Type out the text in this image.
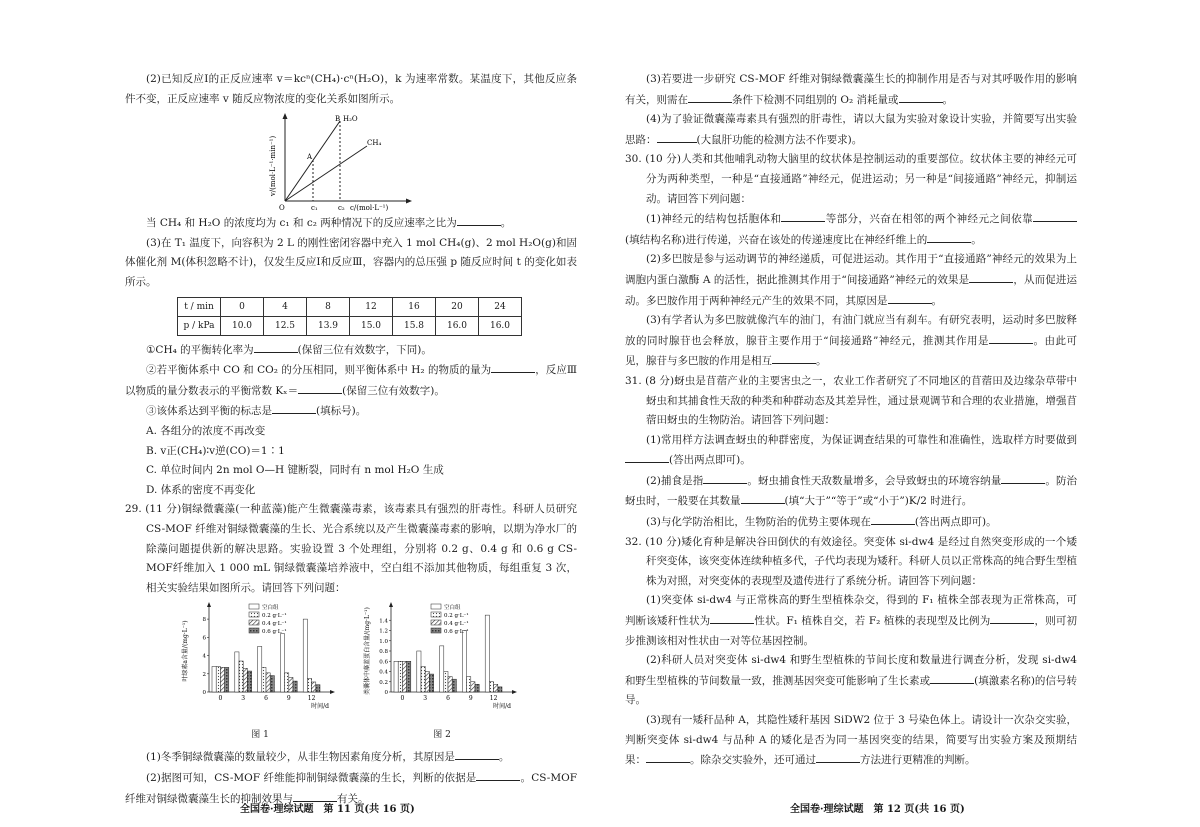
(2)已知反应Ⅰ的正反应速率 v＝kcⁿ(CH₄)·cⁿ(H₂O)，k 为速率常数。某温度下，其他反应条件不变，正反应速率 v 随反应物浓度的变化关系如图所示。

v/(mol·L⁻¹·min⁻¹)
O	c₁	c₂ c/(mol·L⁻¹)
A
B H₂O
CH₄

当 CH₄ 和 H₂O 的浓度均为 c₁ 和 c₂ 两种情况下的反应速率之比为	。

(3)在 T₁ 温度下，向容积为 2 L 的刚性密闭容器中充入 1 mol CH₄(g)、2 mol H₂O(g)和固体催化剂 M(体积忽略不计)，仅发生反应Ⅰ和反应Ⅲ，容器内的总压强 p 随反应时间 t 的变化如表所示。

t / min	0	4	8	12	16	20	24
p / kPa	10.0	12.5	13.9	15.0	15.8	16.0	16.0

①CH₄ 的平衡转化率为	(保留三位有效数字，下同)。

②若平衡体系中 CO 和 CO₂ 的分压相同，则平衡体系中 H₂ 的物质的量为	，反应Ⅲ以物质的量分数表示的平衡常数 Kₓ＝	(保留三位有效数字)。

③该体系达到平衡的标志是	(填标号)。

A. 各组分的浓度不再改变

B. v正(CH₄)∶v逆(CO)＝1∶1

C. 单位时间内 2n mol O—H 键断裂，同时有 n mol H₂O 生成

D. 体系的密度不再变化

29. (11 分)铜绿微囊藻(一种蓝藻)能产生微囊藻毒素，该毒素具有强烈的肝毒性。科研人员研究 CS-MOF 纤维对铜绿微囊藻的生长、光合系统以及产生微囊藻毒素的影响，以期为净水厂的除藻问题提供新的解决思路。实验设置 3 个处理组，分别将 0.2 g、0.4 g 和 0.6 g CS-MOF纤维加入 1 000 mL 铜绿微囊藻培养液中，空白组不添加其他物质，每组重复 3 次，相关实验结果如图所示。请回答下列问题：

0
2
4
6
8
叶绿素a含量/(mg·L⁻¹)
0	3	6	9	12
时间/d
空白组
0.2 g·L⁻¹
0.4 g·L⁻¹
0.6 g·L⁻¹
图 1
0
0.2
0.4
0.6
0.8
1.0
1.2
1.4
类囊体中藻蓝蛋白含量/(mg·L⁻¹)
0	3	6	9	12
时间/d
空白组
0.2 g·L⁻¹
0.4 g·L⁻¹
0.6 g·L⁻¹
图 2

(1)冬季铜绿微囊藻的数量较少，从非生物因素角度分析，其原因是	。

(2)据图可知，CS-MOF 纤维能抑制铜绿微囊藻的生长，判断的依据是	。CS-MOF 纤维对铜绿微囊藻生长的抑制效果与	有关。

(3)若要进一步研究 CS-MOF 纤维对铜绿微囊藻生长的抑制作用是否与对其呼吸作用的影响有关，则需在	条件下检测不同组别的 O₂ 消耗量或	。

(4)为了验证微囊藻毒素具有强烈的肝毒性，请以大鼠为实验对象设计实验，并简要写出实验思路：	(大鼠肝功能的检测方法不作要求)。

30. (10 分)人类和其他哺乳动物大脑里的纹状体是控制运动的重要部位。纹状体主要的神经元可分为两种类型，一种是“直接通路”神经元，促进运动；另一种是“间接通路”神经元，抑制运动。请回答下列问题：

(1)神经元的结构包括胞体和	等部分，兴奋在相邻的两个神经元之间依靠(填结构名称)进行传递，兴奋在该处的传递速度比在神经纤维上的	。

(2)多巴胺是参与运动调节的神经递质，可促进运动。其作用于“直接通路”神经元的效果为上调胞内蛋白激酶 A 的活性，据此推测其作用于“间接通路”神经元的效果是	，从而促进运动。多巴胺作用于两种神经元产生的效果不同，其原因是	。

(3)有学者认为多巴胺就像汽车的油门，有油门就应当有刹车。有研究表明，运动时多巴胺释放的同时腺苷也会释放，腺苷主要作用于“间接通路”神经元，推测其作用是	。由此可见，腺苷与多巴胺的作用是相互	。

31. (8 分)蚜虫是苜蓿产业的主要害虫之一，农业工作者研究了不同地区的苜蓿田及边缘杂草带中蚜虫和其捕食性天敌的种类和种群动态及其差异性，通过景观调节和合理的农业措施，增强苜蓿田蚜虫的生物防治。请回答下列问题：

(1)常用样方法调查蚜虫的种群密度，为保证调查结果的可靠性和准确性，选取样方时要做到(答出两点即可)。

(2)捕食是指	。蚜虫捕食性天敌数量增多，会导致蚜虫的环境容纳量	。防治蚜虫时，一般要在其数量	(填“大于”“等于”或“小于”)K/2 时进行。

(3)与化学防治相比，生物防治的优势主要体现在	(答出两点即可)。

32. (10 分)矮化育种是解决谷田倒伏的有效途径。突变体 si-dw4 是经过自然突变形成的一个矮秆突变体，该突变体连续种植多代，子代均表现为矮秆。科研人员以正常株高的纯合野生型植株为对照，对突变体的表现型及遗传进行了系统分析。请回答下列问题：

(1)突变体 si-dw4 与正常株高的野生型植株杂交，得到的 F₁ 植株全部表现为正常株高，可判断该矮秆性状为	性状。F₁ 植株自交，若 F₂ 植株的表现型及比例为	，则可初步推测该相对性状由一对等位基因控制。

(2)科研人员对突变体 si-dw4 和野生型植株的节间长度和数量进行调查分析，发现 si-dw4 和野生型植株的节间数量一致，推测基因突变可能影响了生长素或	(填激素名称)的信号转导。

(3)现有一矮秆品种 A，其隐性矮秆基因 SiDW2 位于 3 号染色体上。请设计一次杂交实验，判断突变体 si-dw4 与品种 A 的矮化是否为同一基因突变的结果，简要写出实验方案及预期结果：	。除杂交实验外，还可通过	方法进行更精准的判断。

全国卷·理综试题　第 11 页(共 16 页)	全国卷·理综试题　第 12 页(共 16 页)
